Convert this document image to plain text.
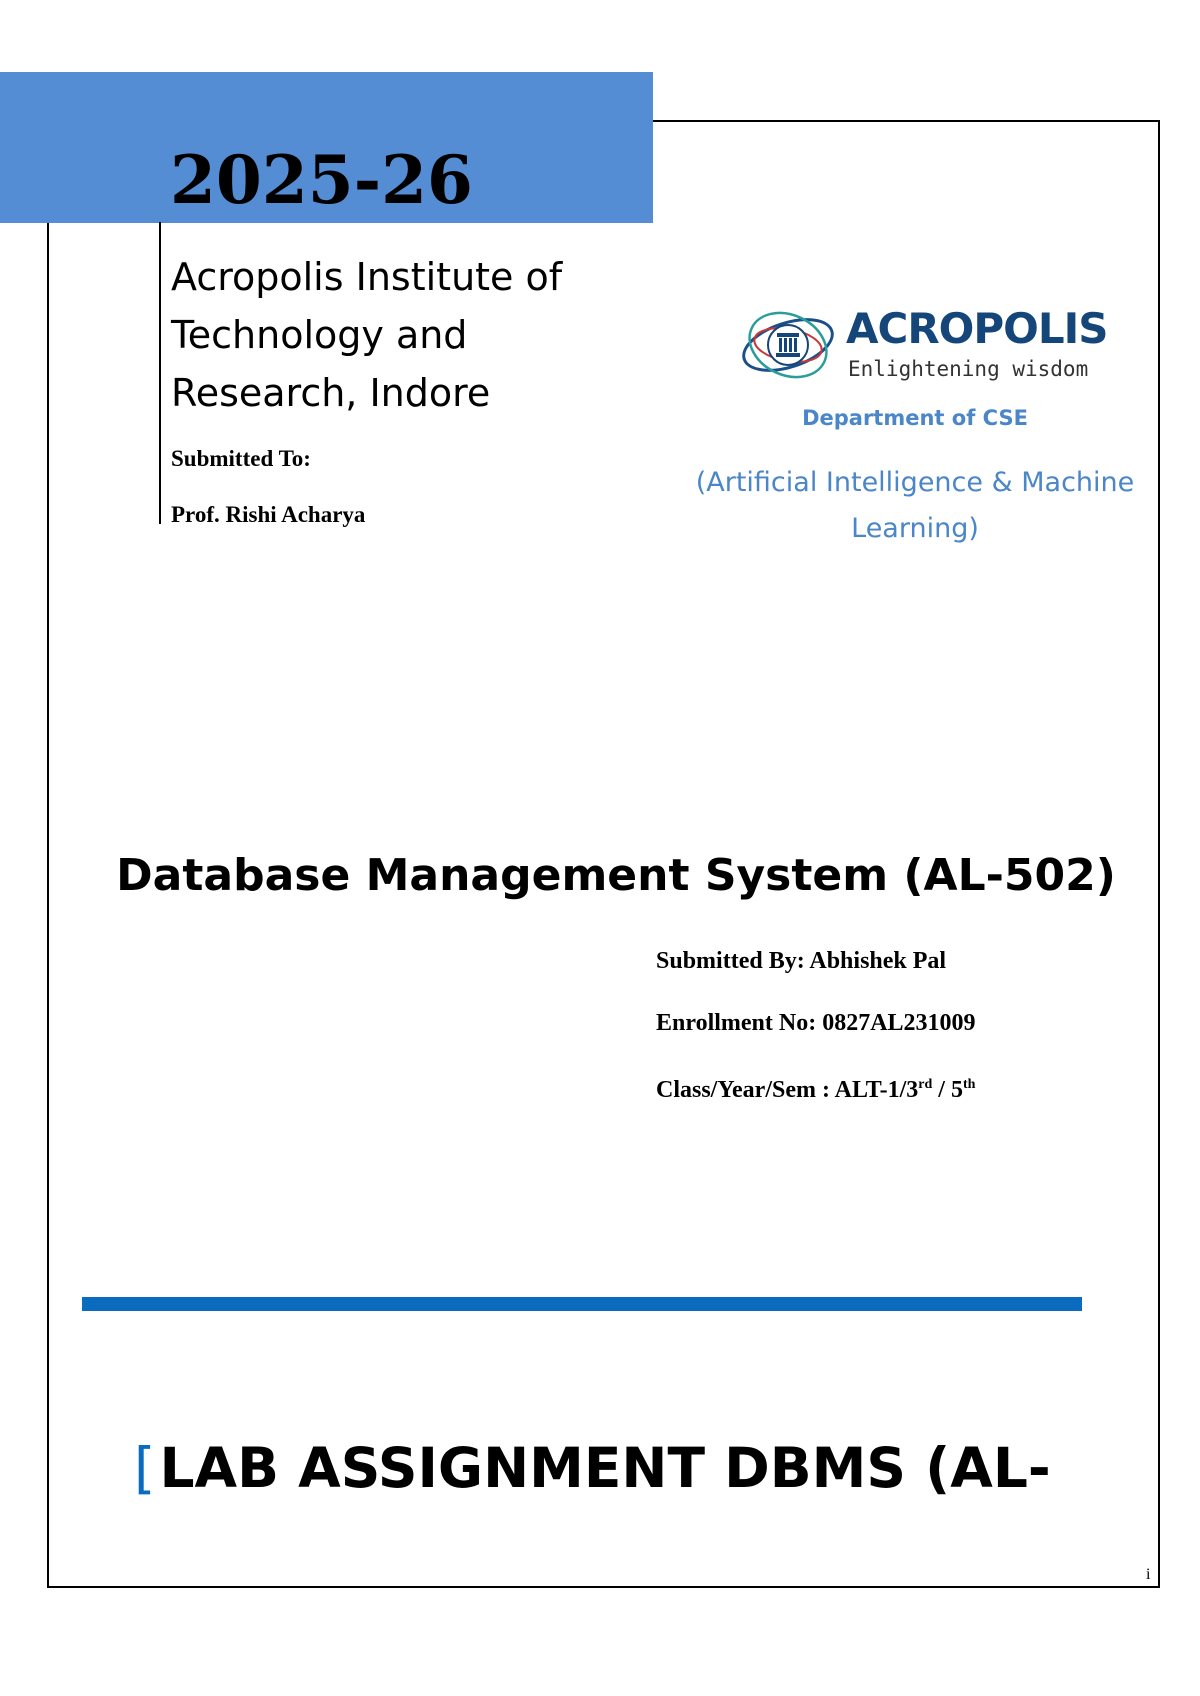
2025-26
Acropolis Institute of Technology and Research, Indore

Submitted To:

Prof. Rishi Acharya

ACROPOLIS

Enlightening wisdom

Department of CSE

(Artificial Intelligence & Machine Learning)

Database Management System (AL-502)

Submitted By: Abhishek Pal

Enrollment No: 0827AL231009

Class/Year/Sem : ALT-1/3rd / 5th

[LAB ASSIGNMENT DBMS (AL-

i
